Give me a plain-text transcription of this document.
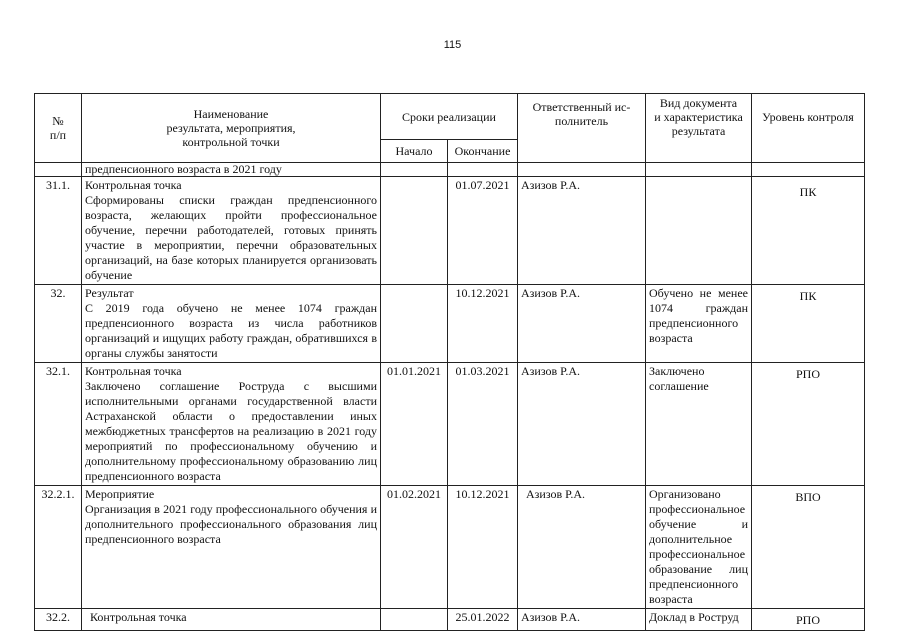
115
№
п/п	Наименование
результата, мероприятия,
контрольной точки	Сроки реализации		Ответственный ис-
полнитель	Вид документа
и характеристика
результата	Уровень контроля
		Начало	Окончание			
	предпенсионного возраста в 2021 году					
31.1.	Контрольная точка
Сформированы списки граждан предпенсионного возраста, желающих пройти профессиональное обучение, перечни работодателей, готовых принять участие в мероприятии, перечни образовательных организаций, на базе которых планируется организовать обучение		01.07.2021	Азизов Р.А.		ПК
32.	Результат
С 2019 года обучено не менее 1074 граждан предпенсионного возраста из числа работников организаций и ищущих работу граждан, обратившихся в органы службы занятости		10.12.2021	Азизов Р.А.	Обучено не менее 1074 граждан предпенсионного возраста	ПК
32.1.	Контрольная точка
Заключено соглашение Роструда с высшими исполнительными органами государственной власти Астраханской области о предоставлении иных межбюджетных трансфертов на реализацию в 2021 году мероприятий по профессиональному обучению и дополнительному профессиональному образованию лиц предпенсионного возраста	01.01.2021	01.03.2021	Азизов Р.А.	Заключено соглашение	РПО
32.2.1.	Мероприятие
Организация в 2021 году профессионального обучения и дополнительного профессионального образования лиц предпенсионного возраста	01.02.2021	10.12.2021	Азизов Р.А.	Организовано профессиональное обучение и дополнительное профессиональное образование лиц предпенсионного возраста	ВПО
32.2.	Контрольная точка		25.01.2022	Азизов Р.А.	Доклад в Роструд	РПО
